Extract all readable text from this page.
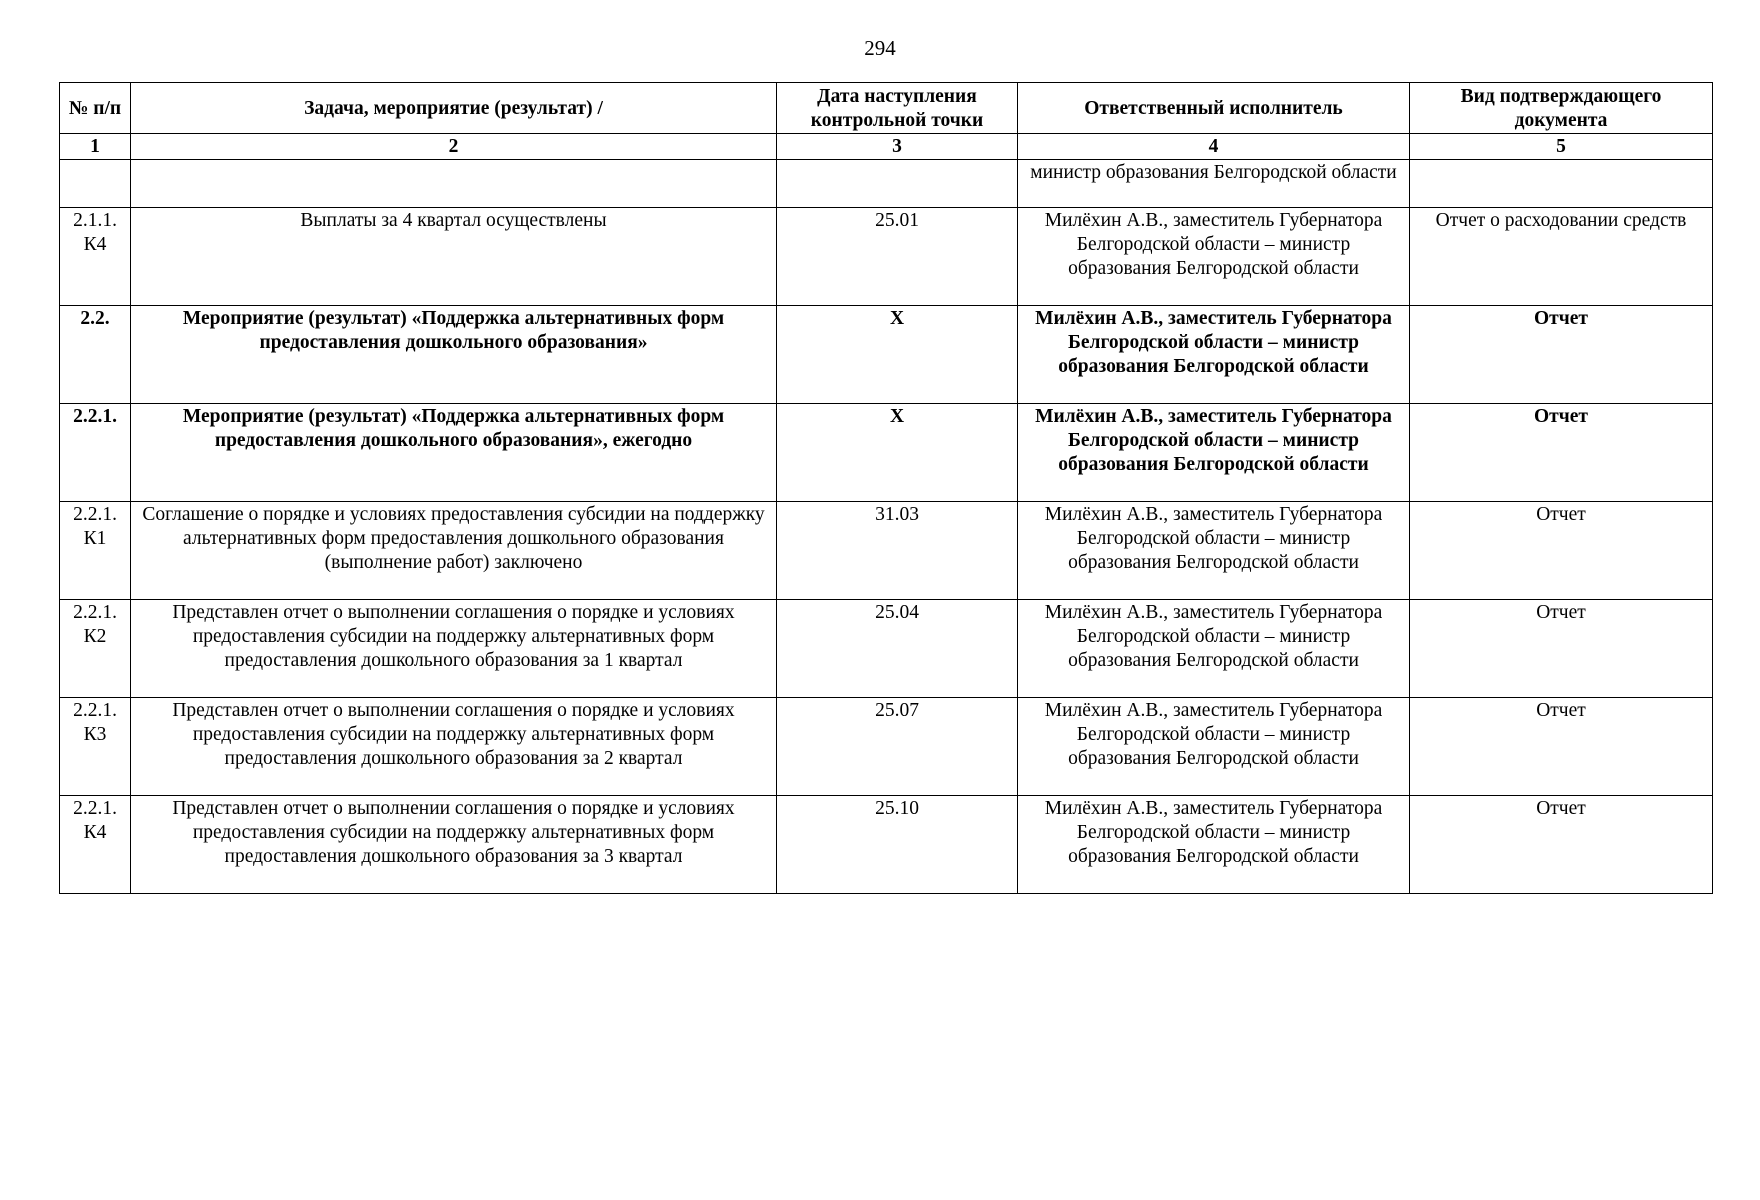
294
№ п/п	Задача, мероприятие (результат) /	Дата наступления контрольной точки	Ответственный исполнитель	Вид подтверждающего документа
1	2	3	4	5
			министр образования Белгородской области	
2.1.1. К4	Выплаты за 4 квартал осуществлены	25.01	Милёхин А.В., заместитель Губернатора Белгородской области – министр образования Белгородской области	Отчет о расходовании средств
2.2.	Мероприятие (результат) «Поддержка альтернативных форм предоставления дошкольного образования»	X	Милёхин А.В., заместитель Губернатора Белгородской области – министр образования Белгородской области	Отчет
2.2.1.	Мероприятие (результат) «Поддержка альтернативных форм предоставления дошкольного образования», ежегодно	X	Милёхин А.В., заместитель Губернатора Белгородской области – министр образования Белгородской области	Отчет
2.2.1. К1	Соглашение о порядке и условиях предоставления субсидии на поддержку альтернативных форм предоставления дошкольного образования (выполнение работ) заключено	31.03	Милёхин А.В., заместитель Губернатора Белгородской области – министр образования Белгородской области	Отчет
2.2.1. К2	Представлен отчет о выполнении соглашения о порядке и условиях предоставления субсидии на поддержку альтернативных форм предоставления дошкольного образования за 1 квартал	25.04	Милёхин А.В., заместитель Губернатора Белгородской области – министр образования Белгородской области	Отчет
2.2.1. К3	Представлен отчет о выполнении соглашения о порядке и условиях предоставления субсидии на поддержку альтернативных форм предоставления дошкольного образования за 2 квартал	25.07	Милёхин А.В., заместитель Губернатора Белгородской области – министр образования Белгородской области	Отчет
2.2.1. К4	Представлен отчет о выполнении соглашения о порядке и условиях предоставления субсидии на поддержку альтернативных форм предоставления дошкольного образования за 3 квартал	25.10	Милёхин А.В., заместитель Губернатора Белгородской области – министр образования Белгородской области	Отчет
